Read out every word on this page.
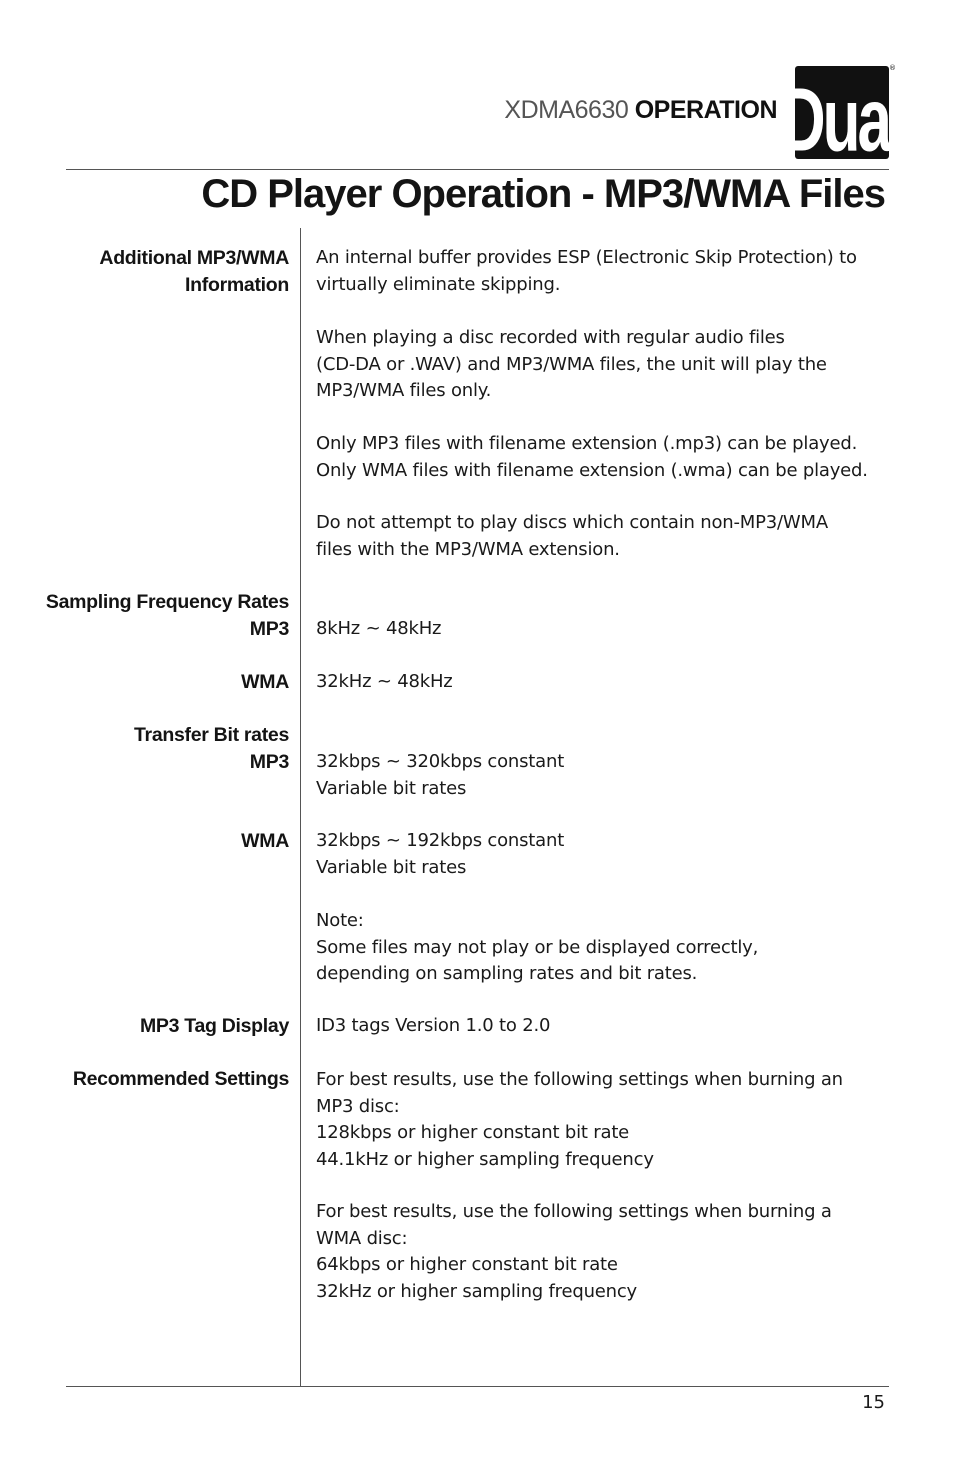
XDMA6630 OPERATION Dual
®
CD Player Operation - MP3/WMA Files
Additional MP3/WMA
Information
Sampling Frequency Rates
MP3
WMA
Transfer Bit rates
MP3
WMA
MP3 Tag Display
Recommended Settings
An internal buffer provides ESP (Electronic Skip Protection) to
virtually eliminate skipping.
When playing a disc recorded with regular audio files
(CD-DA or .WAV) and MP3/WMA files, the unit will play the
MP3/WMA files only.
Only MP3 files with filename extension (.mp3) can be played.
Only WMA files with filename extension (.wma) can be played.
Do not attempt to play discs which contain non-MP3/WMA
files with the MP3/WMA extension.
8kHz ~ 48kHz
32kHz ~ 48kHz
32kbps ~ 320kbps constant
Variable bit rates
32kbps ~ 192kbps constant
Variable bit rates
Note:
Some files may not play or be displayed correctly,
depending on sampling rates and bit rates.
ID3 tags Version 1.0 to 2.0
For best results, use the following settings when burning an
MP3 disc:
128kbps or higher constant bit rate
44.1kHz or higher sampling frequency
For best results, use the following settings when burning a
WMA disc:
64kbps or higher constant bit rate
32kHz or higher sampling frequency
15
